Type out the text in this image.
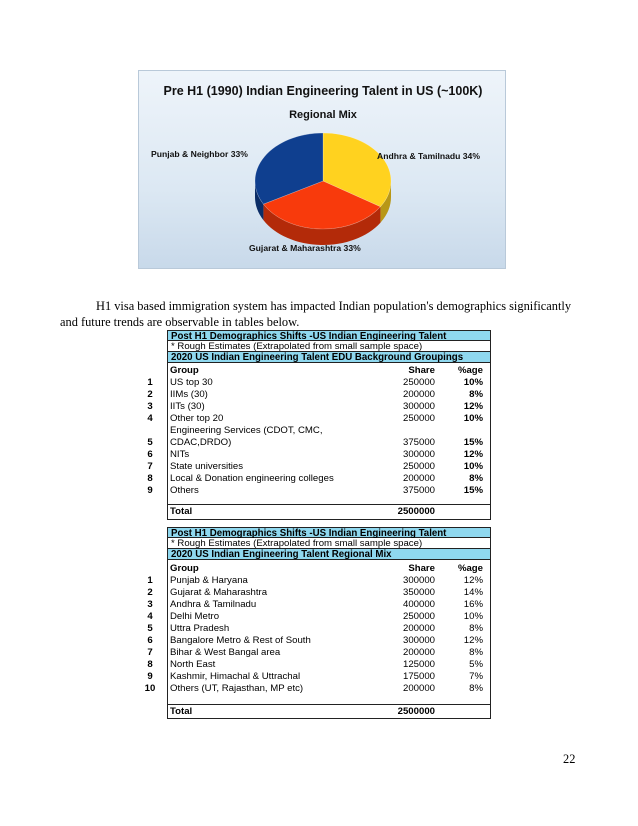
Pre H1 (1990) Indian Engineering Talent in US (~100K)
Regional Mix
Punjab & Neighbor 33%	Andhra & Tamilnadu 34%
Gujarat & Maharashtra 33%
H1 visa based immigration system has impacted Indian population's demographics significantly
and future trends are observable in tables below.
Post H1 Demographics Shifts -US Indian Engineering Talent
* Rough Estimates (Extrapolated from small sample space)
2020 US Indian Engineering Talent EDU Background Groupings
Group	Share	%age
1	US top 30	250000	10%
2	IIMs (30)	200000	8%
3	IITs (30)	300000	12%
4	Other top 20	250000	10%
Engineering Services (CDOT, CMC,
5	CDAC,DRDO)	375000	15%
6	NITs	300000	12%
7	State universities	250000	10%
8	Local & Donation engineering colleges	200000	8%
9	Others	375000	15%
Total	2500000
Post H1 Demographics Shifts -US Indian Engineering Talent
* Rough Estimates (Extrapolated from small sample space)
2020 US Indian Engineering Talent Regional Mix
Group	Share	%age
1	Punjab & Haryana	300000	12%
2	Gujarat & Maharashtra	350000	14%
3	Andhra & Tamilnadu	400000	16%
4	Delhi Metro	250000	10%
5	Uttra Pradesh	200000	8%
6	Bangalore Metro & Rest of South	300000	12%
7	Bihar & West Bangal area	200000	8%
8	North East	125000	5%
9	Kashmir, Himachal & Uttrachal	175000	7%
10 Others (UT, Rajasthan, MP etc)	200000	8%
Total	2500000
22
